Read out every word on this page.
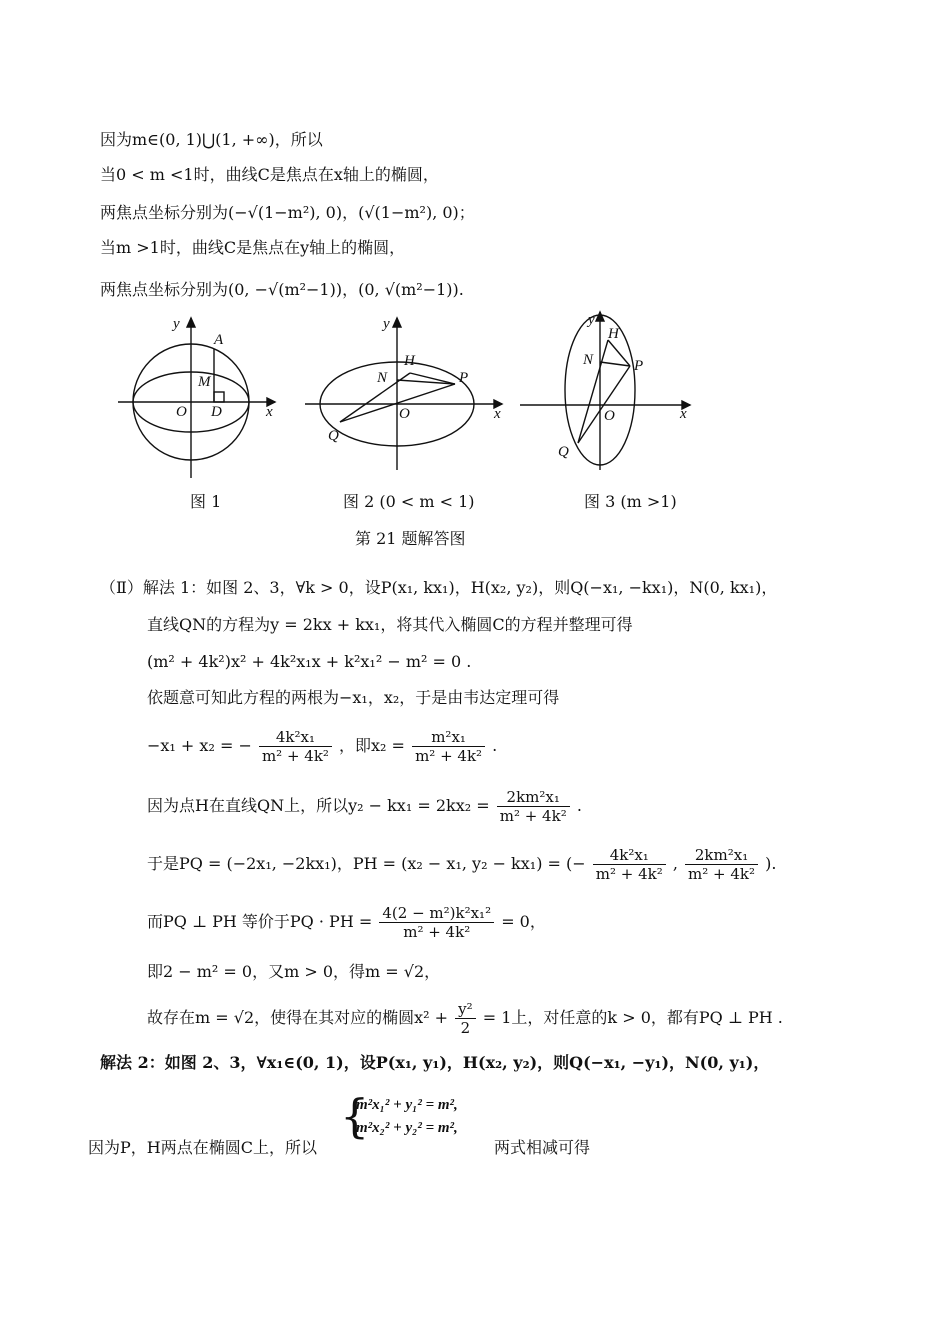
因为m∈(0, 1)⋃(1, +∞)，所以
当0 < m <1时，曲线C是焦点在x轴上的椭圆，
两焦点坐标分别为(−√(1−m²), 0)，(√(1−m²), 0)；
当m >1时，曲线C是焦点在y轴上的椭圆，
两焦点坐标分别为(0, −√(m²−1))，(0, √(m²−1)).
y
A
M
O D	x
y
H
N	P
O
Q
x
y
H
N	P
O
Q
x
图 1	图 2 (0 < m < 1)	图 3 (m >1)
第 21 题解答图
（Ⅱ）解法 1：如图 2、3，∀k > 0，设P(x₁, kx₁)，H(x₂, y₂)，则Q(−x₁, −kx₁)，N(0, kx₁)，
直线QN的方程为y = 2kx + kx₁，将其代入椭圆C的方程并整理可得
(m² + 4k²)x² + 4k²x₁x + k²x₁² − m² = 0 .
依题意可知此方程的两根为−x₁，x₂，于是由韦达定理可得
−x₁ + x₂ = − $\frac{\text{4k²x₁}}{\text{m² + 4k²}}$ ，即$x_2 = \frac{\text{m²x₁}}{\text{m² + 4k²}}$ .
因为点H在直线QN上，所以$y_2 - kx_1 = 2kx_2 = \frac{\text{2km²x₁}}{\text{m² + 4k²}}$ .
于是PQ = (−2x₁, −2kx₁)，PH = (x₂ − x₁, y₂ − kx₁) = (− $\frac{\text{4k²x₁}}{\text{m² + 4k²}}$ , $\frac{\text{2km²x₁}}{\text{m² + 4k²}}$ ).
而PQ ⊥ PH 等价于PQ · PH = $\frac{\text{4(2 − m²)k²x₁²}}{\text{m² + 4k²}} = 0$，
即2 − m² = 0，又m > 0，得m = √2，
故存在m = √2，使得在其对应的椭圆$x^2 + \frac{\text{y²}}{2} = 1$上，对任意的k > 0，都有PQ ⊥ PH .
解法 2：如图 2、3，∀x₁∈(0, 1)，设P(x₁, y₁)，H(x₂, y₂)，则Q(−x₁, −y₁)，N(0, y₁)，
{
m²x₁² + y₁² = m²,
m²x₂² + y₂² = m²,
因为P，H两点在椭圆C上，所以	两式相减可得
